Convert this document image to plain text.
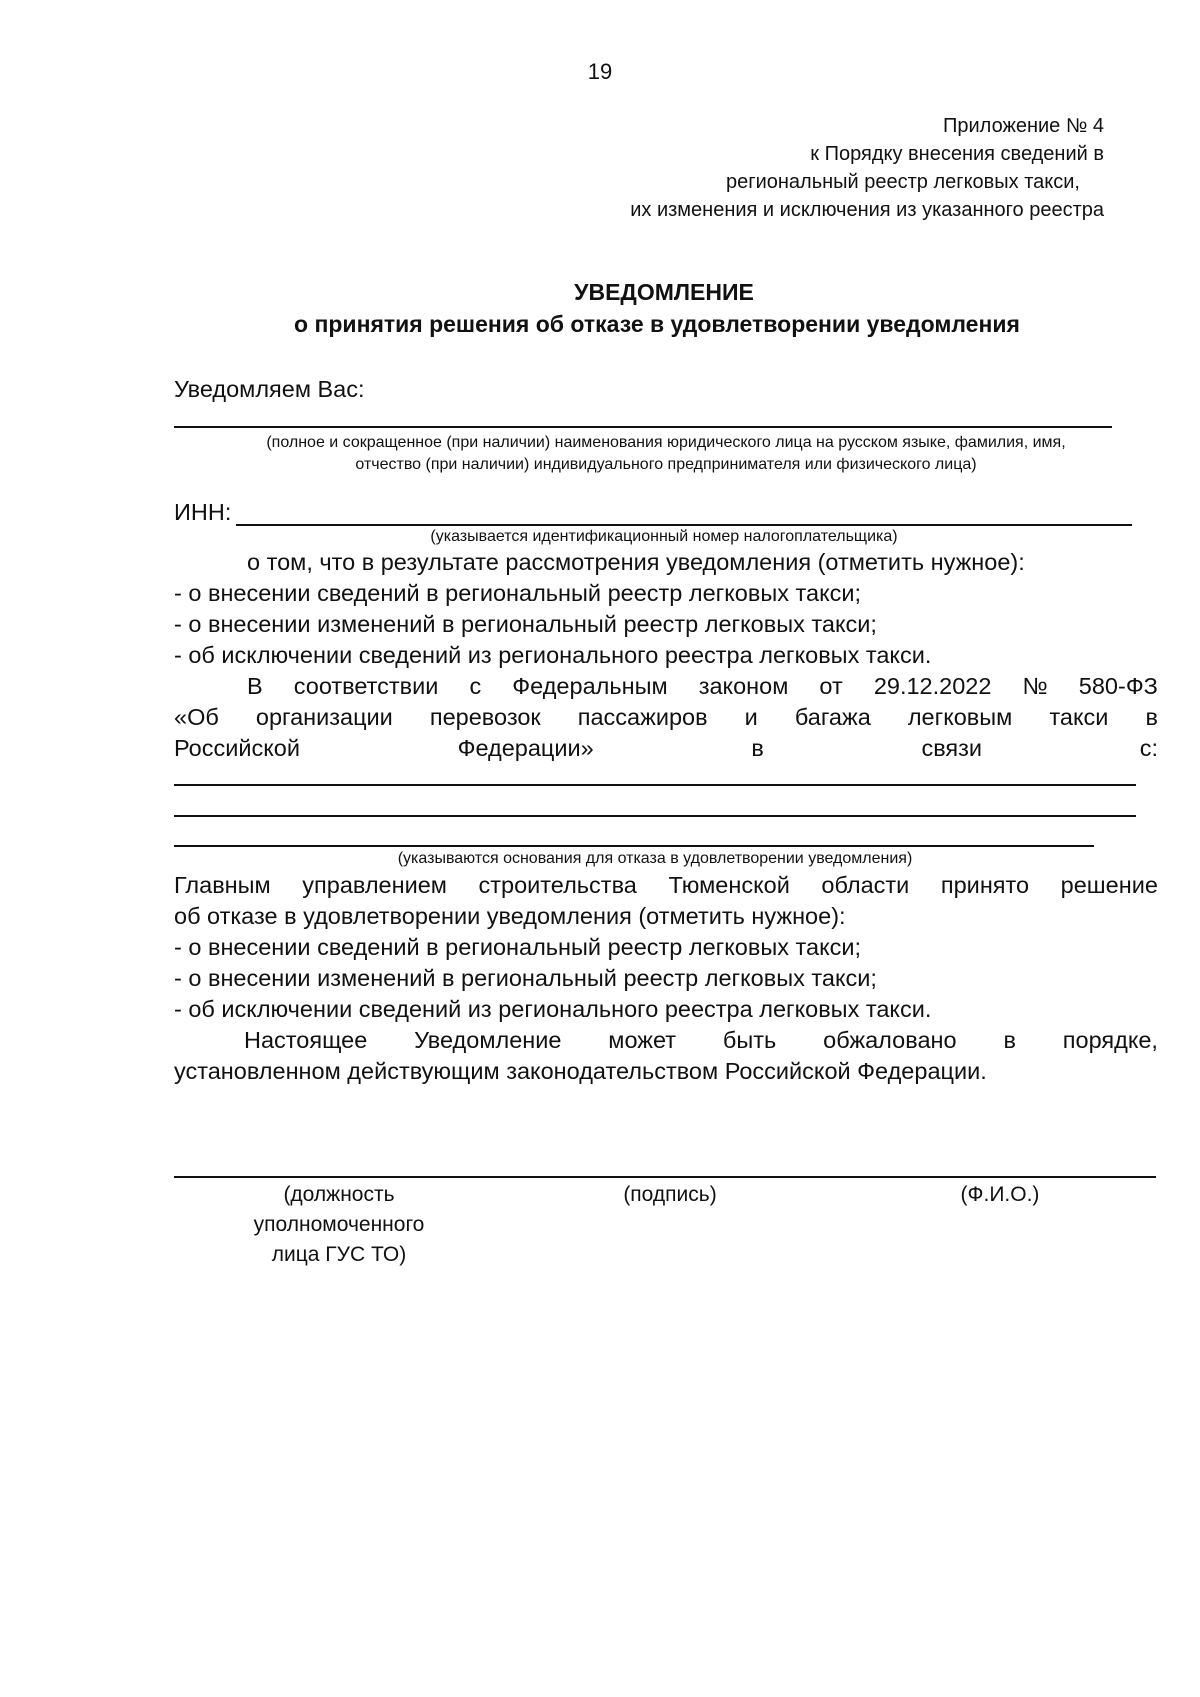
19
Приложение № 4
к Порядку внесения сведений в
региональный реестр легковых такси,
их изменения и исключения из указанного реестра
УВЕДОМЛЕНИЕ
о принятия решения об отказе в удовлетворении уведомления
Уведомляем Вас:
(полное и сокращенное (при наличии) наименования юридического лица на русском языке, фамилия, имя,
отчество (при наличии) индивидуального предпринимателя или физического лица)
ИНН:
(указывается идентификационный номер налогоплательщика)
о том, что в результате рассмотрения уведомления (отметить нужное):
- о внесении сведений в региональный реестр легковых такси;
- о внесении изменений в региональный реестр легковых такси;
- об исключении сведений из регионального реестра легковых такси.
В соответствии с Федеральным законом от 29.12.2022 № 580-ФЗ
«Об организации перевозок пассажиров и багажа легковым такси в
Российской	Федерации»	в	связи	с:
(указываются основания для отказа в удовлетворении уведомления)
Главным управлением строительства Тюменской области принято решение
об отказе в удовлетворении уведомления (отметить нужное):
- о внесении сведений в региональный реестр легковых такси;
- о внесении изменений в региональный реестр легковых такси;
- об исключении сведений из регионального реестра легковых такси.
Настоящее Уведомление может быть обжаловано в порядке,
установленном действующим законодательством Российской Федерации.
(должность
уполномоченного
лица ГУС ТО)
(подпись)	(Ф.И.О.)
